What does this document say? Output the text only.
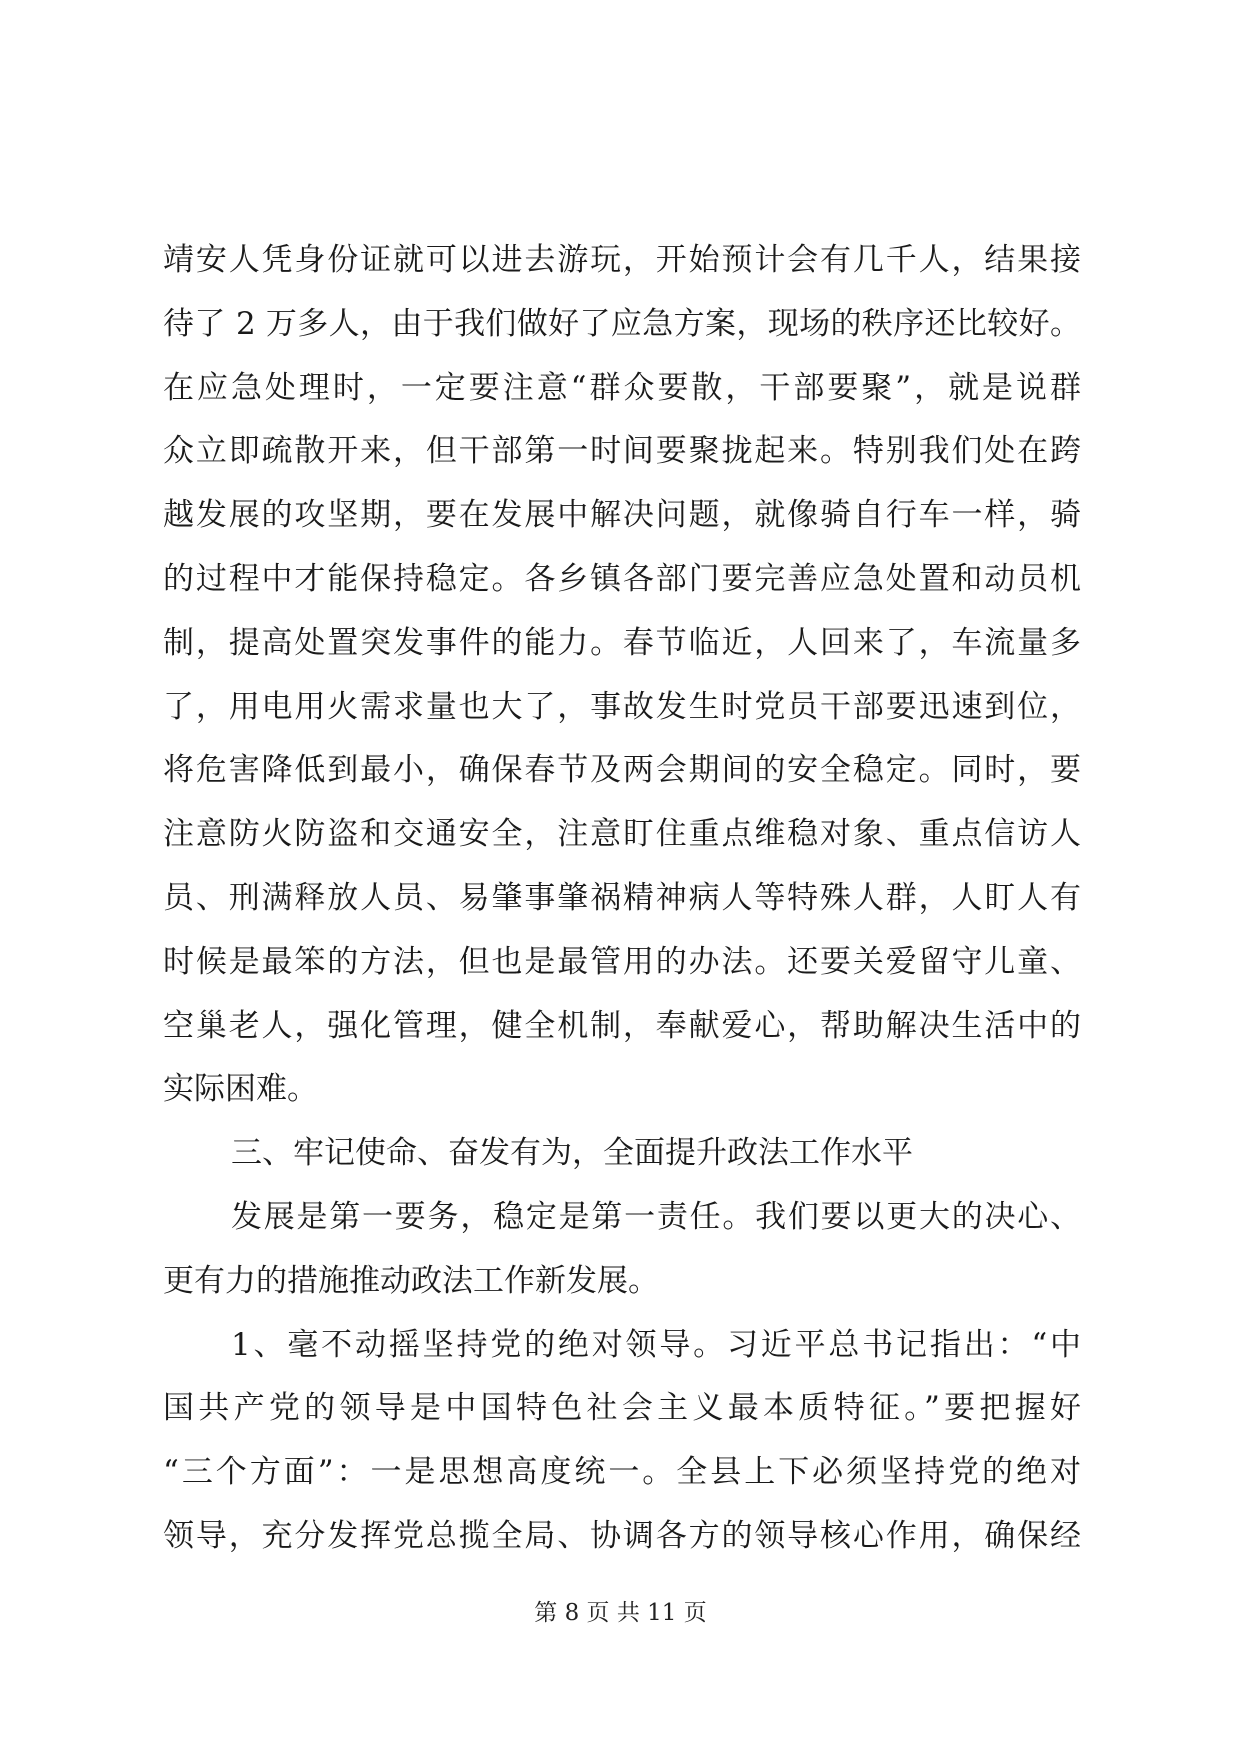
靖安人凭身份证就可以进去游玩，开始预计会有几千人，结果接
待了 2 万多人，由于我们做好了应急方案，现场的秩序还比较好。
在应急处理时，一定要注意“群众要散，干部要聚”，就是说群
众立即疏散开来，但干部第一时间要聚拢起来。特别我们处在跨
越发展的攻坚期，要在发展中解决问题，就像骑自行车一样，骑
的过程中才能保持稳定。各乡镇各部门要完善应急处置和动员机
制，提高处置突发事件的能力。春节临近，人回来了，车流量多
了，用电用火需求量也大了，事故发生时党员干部要迅速到位，
将危害降低到最小，确保春节及两会期间的安全稳定。同时，要
注意防火防盗和交通安全，注意盯住重点维稳对象、重点信访人
员、刑满释放人员、易肇事肇祸精神病人等特殊人群，人盯人有
时候是最笨的方法，但也是最管用的办法。还要关爱留守儿童、
空巢老人，强化管理，健全机制，奉献爱心，帮助解决生活中的
实际困难。
三、牢记使命、奋发有为，全面提升政法工作水平
发展是第一要务，稳定是第一责任。我们要以更大的决心、
更有力的措施推动政法工作新发展。
1、毫不动摇坚持党的绝对领导。习近平总书记指出：“中
国共产党的领导是中国特色社会主义最本质特征。”要把握好
“三个方面”：一是思想高度统一。全县上下必须坚持党的绝对
领导，充分发挥党总揽全局、协调各方的领导核心作用，确保经
第 8 页 共 11 页
